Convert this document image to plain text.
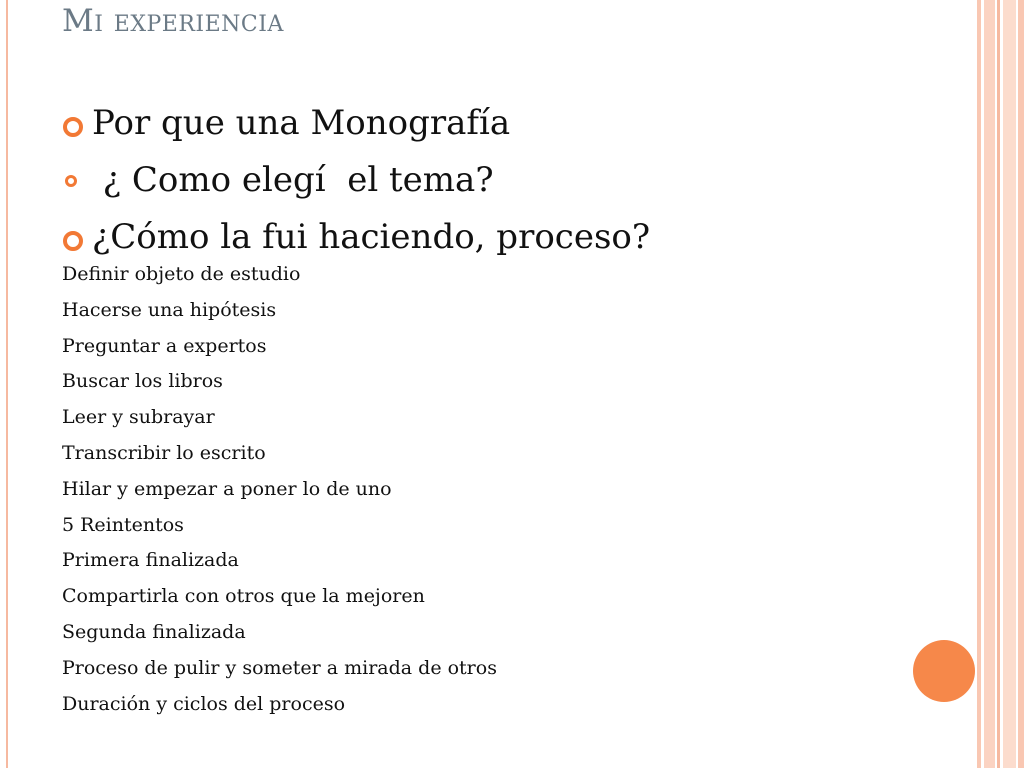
Mi experiencia
Por que una Monografía
¿ Como elegí  el tema?
¿Cómo la fui haciendo, proceso?
Definir objeto de estudio
Hacerse una hipótesis
Preguntar a expertos
Buscar los libros
Leer y subrayar
Transcribir lo escrito
Hilar y empezar a poner lo de uno
5 Reintentos
Primera finalizada
Compartirla con otros que la mejoren
Segunda finalizada
Proceso de pulir y someter a mirada de otros
Duración y ciclos del proceso
